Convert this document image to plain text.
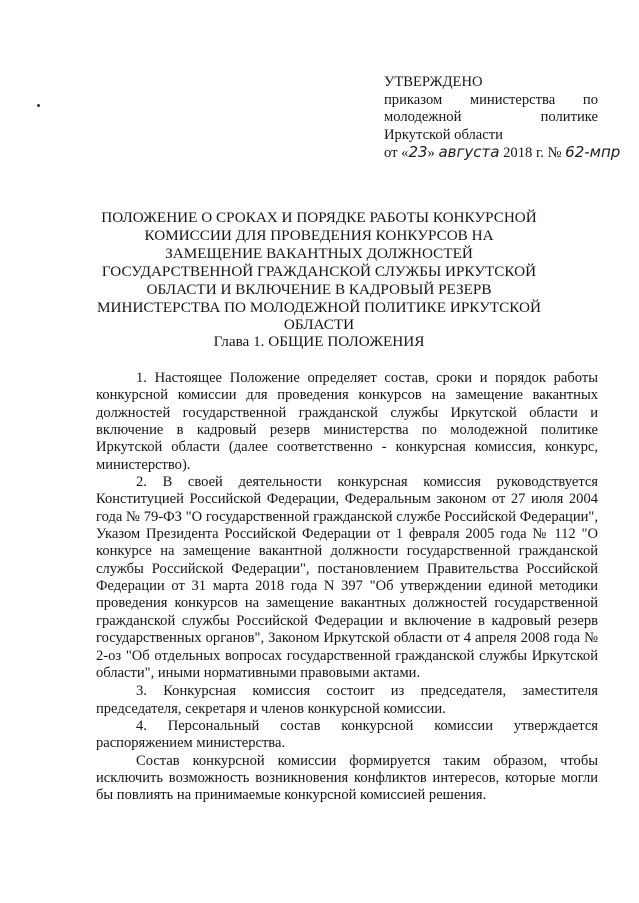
УТВЕРЖДЕНО
приказом министерства по
молодежной политике
Иркутской области
от «23» августа 2018 г. № 62-мпр
ПОЛОЖЕНИЕ О СРОКАХ И ПОРЯДКЕ РАБОТЫ КОНКУРСНОЙ КОМИССИИ ДЛЯ ПРОВЕДЕНИЯ КОНКУРСОВ НА ЗАМЕЩЕНИЕ ВАКАНТНЫХ ДОЛЖНОСТЕЙ ГОСУДАРСТВЕННОЙ ГРАЖДАНСКОЙ СЛУЖБЫ ИРКУТСКОЙ ОБЛАСТИ И ВКЛЮЧЕНИЕ В КАДРОВЫЙ РЕЗЕРВ МИНИСТЕРСТВА ПО МОЛОДЕЖНОЙ ПОЛИТИКЕ ИРКУТСКОЙ ОБЛАСТИ
Глава 1. ОБЩИЕ ПОЛОЖЕНИЯ

1. Настоящее Положение определяет состав, сроки и порядок работы конкурсной комиссии для проведения конкурсов на замещение вакантных должностей государственной гражданской службы Иркутской области и включение в кадровый резерв министерства по молодежной политике Иркутской области (далее соответственно - конкурсная комиссия, конкурс, министерство).

2. В своей деятельности конкурсная комиссия руководствуется Конституцией Российской Федерации, Федеральным законом от 27 июля 2004 года № 79-ФЗ "О государственной гражданской службе Российской Федерации", Указом Президента Российской Федерации от 1 февраля 2005 года № 112 "О конкурсе на замещение вакантной должности государственной гражданской службы Российской Федерации", постановлением Правительства Российской Федерации от 31 марта 2018 года N 397 "Об утверждении единой методики проведения конкурсов на замещение вакантных должностей государственной гражданской службы Российской Федерации и включение в кадровый резерв государственных органов", Законом Иркутской области от 4 апреля 2008 года № 2-оз "Об отдельных вопросах государственной гражданской службы Иркутской области", иными нормативными правовыми актами.

3. Конкурсная комиссия состоит из председателя, заместителя председателя, секретаря и членов конкурсной комиссии.

4. Персональный состав конкурсной комиссии утверждается распоряжением министерства.

Состав конкурсной комиссии формируется таким образом, чтобы исключить возможность возникновения конфликтов интересов, которые могли бы повлиять на принимаемые конкурсной комиссией решения.
